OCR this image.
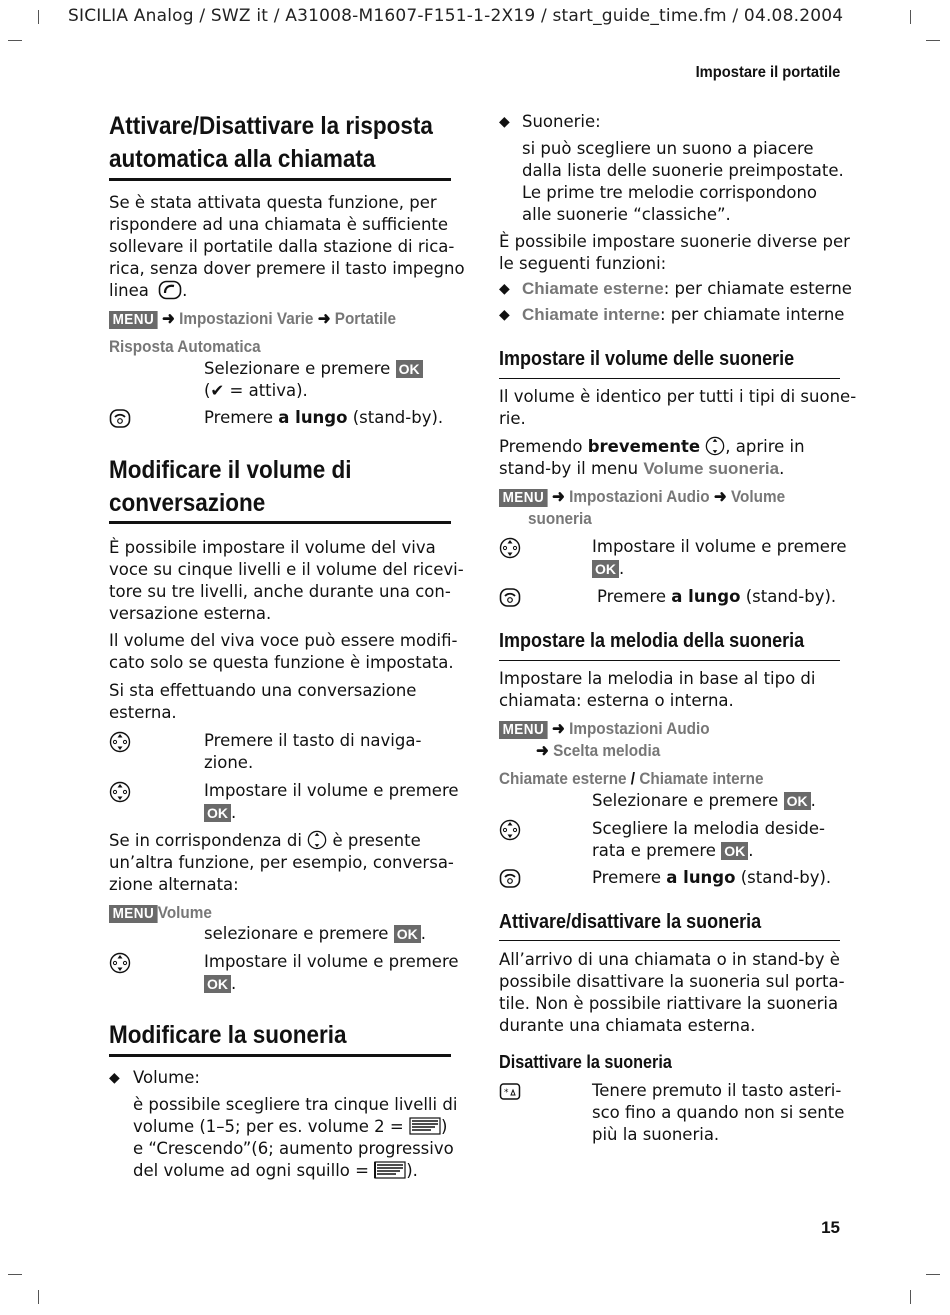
SICILIA Analog / SWZ it / A31008-M1607-F151-1-2X19 / start_guide_time.fm / 04.08.2004
Impostare il portatile
Attivare/Disattivare la risposta
automatica alla chiamata
Se è stata attivata questa funzione, per
rispondere ad una chiamata è sufficiente
sollevare il portatile dalla stazione di rica-
rica, senza dover premere il tasto impegno
linea .
MENU ➜ Impostazioni Varie ➜ Portatile
Risposta Automatica
Selezionare e premere OK
(✔ = attiva).
Premere a lungo (stand-by).
Modificare il volume di
conversazione
È possibile impostare il volume del viva
voce su cinque livelli e il volume del ricevi-
tore su tre livelli, anche durante una con-
versazione esterna.
Il volume del viva voce può essere modifi-
cato solo se questa funzione è impostata.
Si sta effettuando una conversazione
esterna.
Premere il tasto di naviga-
zione.
Impostare il volume e premere
OK .
Se in corrispondenza di è presente
un’altra funzione, per esempio, conversa-
zione alternata:
MENU Volume
selezionare e premere OK .
Impostare il volume e premere
OK .
Modificare la suoneria
◆ Volume:
è possibile scegliere tra cinque livelli di
volume (1–5; per es. volume 2 = )
e “Crescendo”(6; aumento progressivo
del volume ad ogni squillo = ).
◆ Suonerie:
si può scegliere un suono a piacere
dalla lista delle suonerie preimpostate.
Le prime tre melodie corrispondono
alle suonerie “classiche”.
È possibile impostare suonerie diverse per
le seguenti funzioni:
◆ Chiamate esterne: per chiamate esterne
◆ Chiamate interne: per chiamate interne
Impostare il volume delle suonerie
Il volume è identico per tutti i tipi di suone-
rie.
Premendo brevemente , aprire in
stand-by il menu Volume suoneria.
MENU ➜ Impostazioni Audio ➜ Volume
suoneria
Impostare il volume e premere
OK .
Premere a lungo (stand-by).
Impostare la melodia della suoneria
Impostare la melodia in base al tipo di
chiamata: esterna o interna.
MENU ➜ Impostazioni Audio
➜ Scelta melodia
Chiamate esterne / Chiamate interne
Selezionare e premere OK .
Scegliere la melodia deside-
rata e premere OK .
Premere a lungo (stand-by).
Attivare/disattivare la suoneria
All’arrivo di una chiamata o in stand-by è
possibile disattivare la suoneria sul porta-
tile. Non è possibile riattivare la suoneria
durante una chiamata esterna.
Disattivare la suoneria
*	Tenere premuto il tasto asteri-
sco fino a quando non si sente
più la suoneria.
15
